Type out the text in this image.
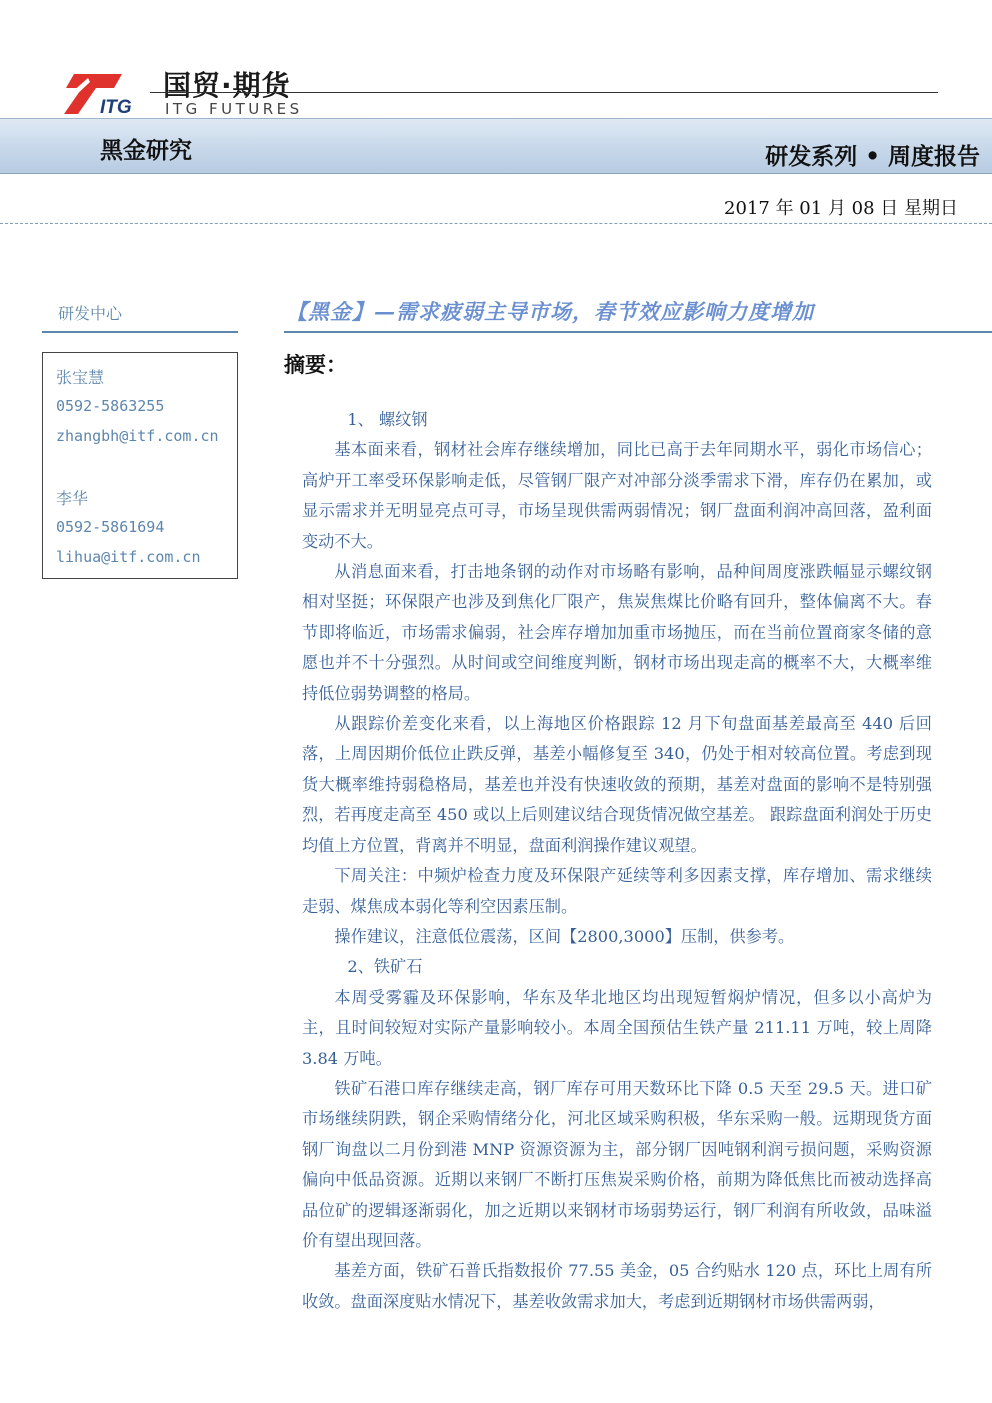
ITG
国贸·期货
ITG FUTURES
黑金研究	研发系列 • 周度报告
2017 年 01 月 08 日 星期日
研发中心
张宝慧
0592-5863255
zhangbh@itf.com.cn
李华
0592-5861694
lihua@itf.com.cn
【黑金】—需求疲弱主导市场，春节效应影响力度增加
摘要：

1、 螺纹钢

基本面来看，钢材社会库存继续增加，同比已高于去年同期水平，弱化市场信心；高炉开工率受环保影响走低，尽管钢厂限产对冲部分淡季需求下滑，库存仍在累加，或显示需求并无明显亮点可寻，市场呈现供需两弱情况；钢厂盘面利润冲高回落，盈利面变动不大。

从消息面来看，打击地条钢的动作对市场略有影响，品种间周度涨跌幅显示螺纹钢相对坚挺；环保限产也涉及到焦化厂限产，焦炭焦煤比价略有回升，整体偏离不大。春节即将临近，市场需求偏弱，社会库存增加加重市场抛压，而在当前位置商家冬储的意愿也并不十分强烈。从时间或空间维度判断，钢材市场出现走高的概率不大，大概率维持低位弱势调整的格局。

从跟踪价差变化来看，以上海地区价格跟踪 12 月下旬盘面基差最高至 440 后回落，上周因期价低位止跌反弹，基差小幅修复至 340，仍处于相对较高位置。考虑到现货大概率维持弱稳格局，基差也并没有快速收敛的预期，基差对盘面的影响不是特别强烈，若再度走高至 450 或以上后则建议结合现货情况做空基差。 跟踪盘面利润处于历史均值上方位置，背离并不明显，盘面利润操作建议观望。

下周关注：中频炉检查力度及环保限产延续等利多因素支撑，库存增加、需求继续走弱、煤焦成本弱化等利空因素压制。

操作建议，注意低位震荡，区间【2800,3000】压制，供参考。

2、铁矿石

本周受雾霾及环保影响，华东及华北地区均出现短暂焖炉情况，但多以小高炉为主，且时间较短对实际产量影响较小。本周全国预估生铁产量 211.11 万吨，较上周降 3.84 万吨。

铁矿石港口库存继续走高，钢厂库存可用天数环比下降 0.5 天至 29.5 天。进口矿市场继续阴跌，钢企采购情绪分化，河北区域采购积极，华东采购一般。远期现货方面钢厂询盘以二月份到港 MNP 资源资源为主，部分钢厂因吨钢利润亏损问题，采购资源偏向中低品资源。近期以来钢厂不断打压焦炭采购价格，前期为降低焦比而被动选择高品位矿的逻辑逐渐弱化，加之近期以来钢材市场弱势运行，钢厂利润有所收敛，品味溢价有望出现回落。

基差方面，铁矿石普氏指数报价 77.55 美金，05 合约贴水 120 点，环比上周有所收敛。盘面深度贴水情况下，基差收敛需求加大，考虑到近期钢材市场供需两弱，
